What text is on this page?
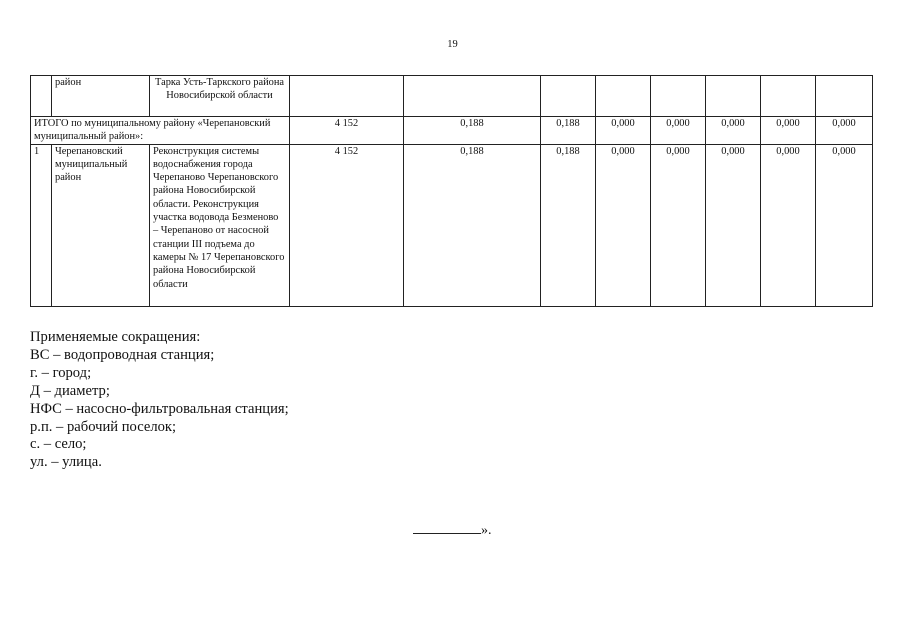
19
	район	Тарка Усть-Таркского района Новосибирской области								
ИТОГО по муниципальному району «Черепановский муниципальный район»:			4 152	0,188	0,188	0,000	0,000	0,000	0,000	0,000
1	Черепановский муниципальный район	Реконструкция системы водоснабжения города Черепаново Черепановского района Новосибирской области. Реконструкция участка водовода Безменово – Черепаново от насосной станции III подъема до камеры № 17 Черепановского района Новосибирской области	4 152	0,188	0,188	0,000	0,000	0,000	0,000	0,000
Применяемые сокращения:
ВС – водопроводная станция;
г. – город;
Д – диаметр;
НФС – насосно-фильтровальная станция;
р.п. – рабочий поселок;
с. – село;
ул. – улица.
».
